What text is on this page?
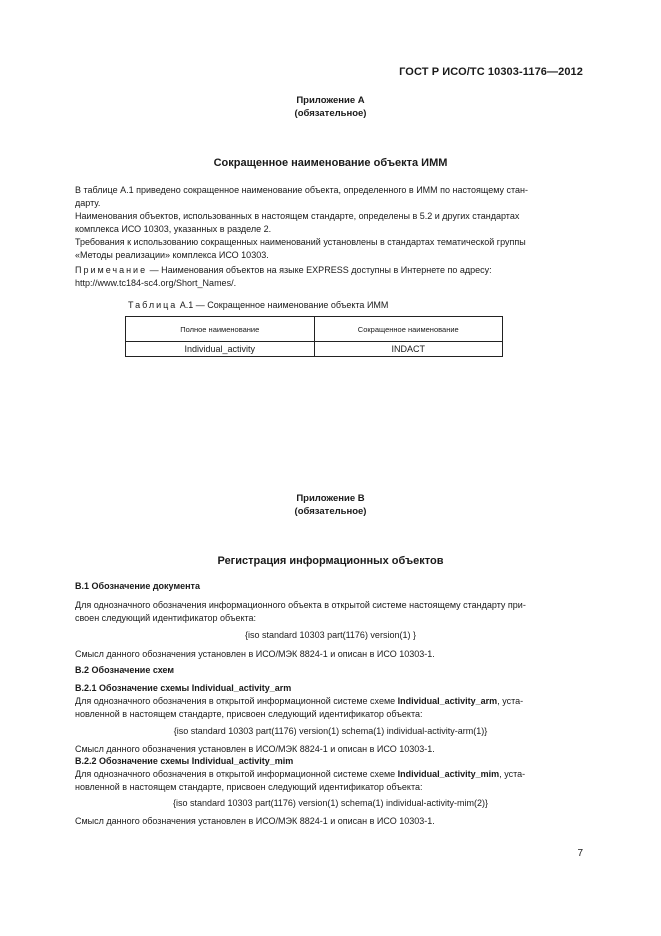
ГОСТ Р ИСО/ТС 10303-1176—2012
Приложение A
(обязательное)
Сокращенное наименование объекта ИММ
В таблице A.1 приведено сокращенное наименование объекта, определенного в ИММ по настоящему стан-
дарту.
Наименования объектов, использованных в настоящем стандарте, определены в 5.2 и других стандартах
комплекса ИСО 10303, указанных в разделе 2.
Требования к использованию сокращенных наименований установлены в стандартах тематической группы
«Методы реализации» комплекса ИСО 10303.
Примечание — Наименования объектов на языке EXPRESS доступны в Интернете по адресу:
http://www.tc184-sc4.org/Short_Names/.
Таблица А.1 — Сокращенное наименование объекта ИММ
Полное наименование	Сокращенное наименование
Individual_activity	INDACT
Приложение B
(обязательное)
Регистрация информационных объектов
B.1 Обозначение документа
Для однозначного обозначения информационного объекта в открытой системе настоящему стандарту при-
своен следующий идентификатор объекта:
{iso standard 10303 part(1176) version(1) }
Смысл данного обозначения установлен в ИСО/МЭК 8824-1 и описан в ИСО 10303-1.
B.2 Обозначение схем
B.2.1 Обозначение схемы Individual_activity_arm
Для однозначного обозначения в открытой информационной системе схеме Individual_activity_arm, уста-
новленной в настоящем стандарте, присвоен следующий идентификатор объекта:
{iso standard 10303 part(1176) version(1) schema(1) individual-activity-arm(1)}
Смысл данного обозначения установлен в ИСО/МЭК 8824-1 и описан в ИСО 10303-1.
B.2.2 Обозначение схемы Individual_activity_mim
Для однозначного обозначения в открытой информационной системе схеме Individual_activity_mim, уста-
новленной в настоящем стандарте, присвоен следующий идентификатор объекта:
{iso standard 10303 part(1176) version(1) schema(1) individual-activity-mim(2)}
Смысл данного обозначения установлен в ИСО/МЭК 8824-1 и описан в ИСО 10303-1.
7
